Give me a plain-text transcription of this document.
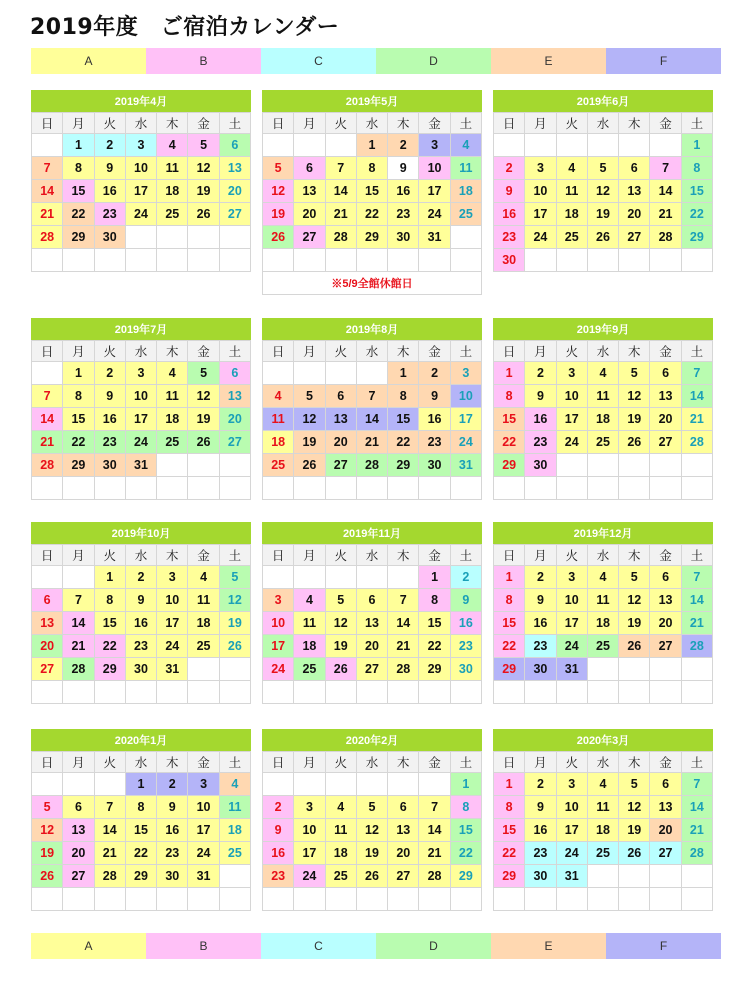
2019年度　ご宿泊カレンダー
A	B	C	D	E	F
A	B	C	D	E	F
2019年4月
日	月	火	水	木	金	土
	1	2	3	4	5	6
7	8	9	10	11	12	13
14	15	16	17	18	19	20
21	22	23	24	25	26	27
28	29	30				

2019年5月
日	月	火	水	木	金	土
			1	2	3	4
5	6	7	8	9	10	11
12	13	14	15	16	17	18
19	20	21	22	23	24	25
26	27	28	29	30	31	

※5/9全館休館日
2019年6月
日	月	火	水	木	金	土
						1
2	3	4	5	6	7	8
9	10	11	12	13	14	15
16	17	18	19	20	21	22
23	24	25	26	27	28	29
30						
2019年7月
日	月	火	水	木	金	土
	1	2	3	4	5	6
7	8	9	10	11	12	13
14	15	16	17	18	19	20
21	22	23	24	25	26	27
28	29	30	31			

2019年8月
日	月	火	水	木	金	土
				1	2	3
4	5	6	7	8	9	10
11	12	13	14	15	16	17
18	19	20	21	22	23	24
25	26	27	28	29	30	31

2019年9月
日	月	火	水	木	金	土
1	2	3	4	5	6	7
8	9	10	11	12	13	14
15	16	17	18	19	20	21
22	23	24	25	26	27	28
29	30					

2019年10月
日	月	火	水	木	金	土
		1	2	3	4	5
6	7	8	9	10	11	12
13	14	15	16	17	18	19
20	21	22	23	24	25	26
27	28	29	30	31		

2019年11月
日	月	火	水	木	金	土
					1	2
3	4	5	6	7	8	9
10	11	12	13	14	15	16
17	18	19	20	21	22	23
24	25	26	27	28	29	30

2019年12月
日	月	火	水	木	金	土
1	2	3	4	5	6	7
8	9	10	11	12	13	14
15	16	17	18	19	20	21
22	23	24	25	26	27	28
29	30	31				

2020年1月
日	月	火	水	木	金	土
			1	2	3	4
5	6	7	8	9	10	11
12	13	14	15	16	17	18
19	20	21	22	23	24	25
26	27	28	29	30	31	

2020年2月
日	月	火	水	木	金	土
						1
2	3	4	5	6	7	8
9	10	11	12	13	14	15
16	17	18	19	20	21	22
23	24	25	26	27	28	29

2020年3月
日	月	火	水	木	金	土
1	2	3	4	5	6	7
8	9	10	11	12	13	14
15	16	17	18	19	20	21
22	23	24	25	26	27	28
29	30	31				
